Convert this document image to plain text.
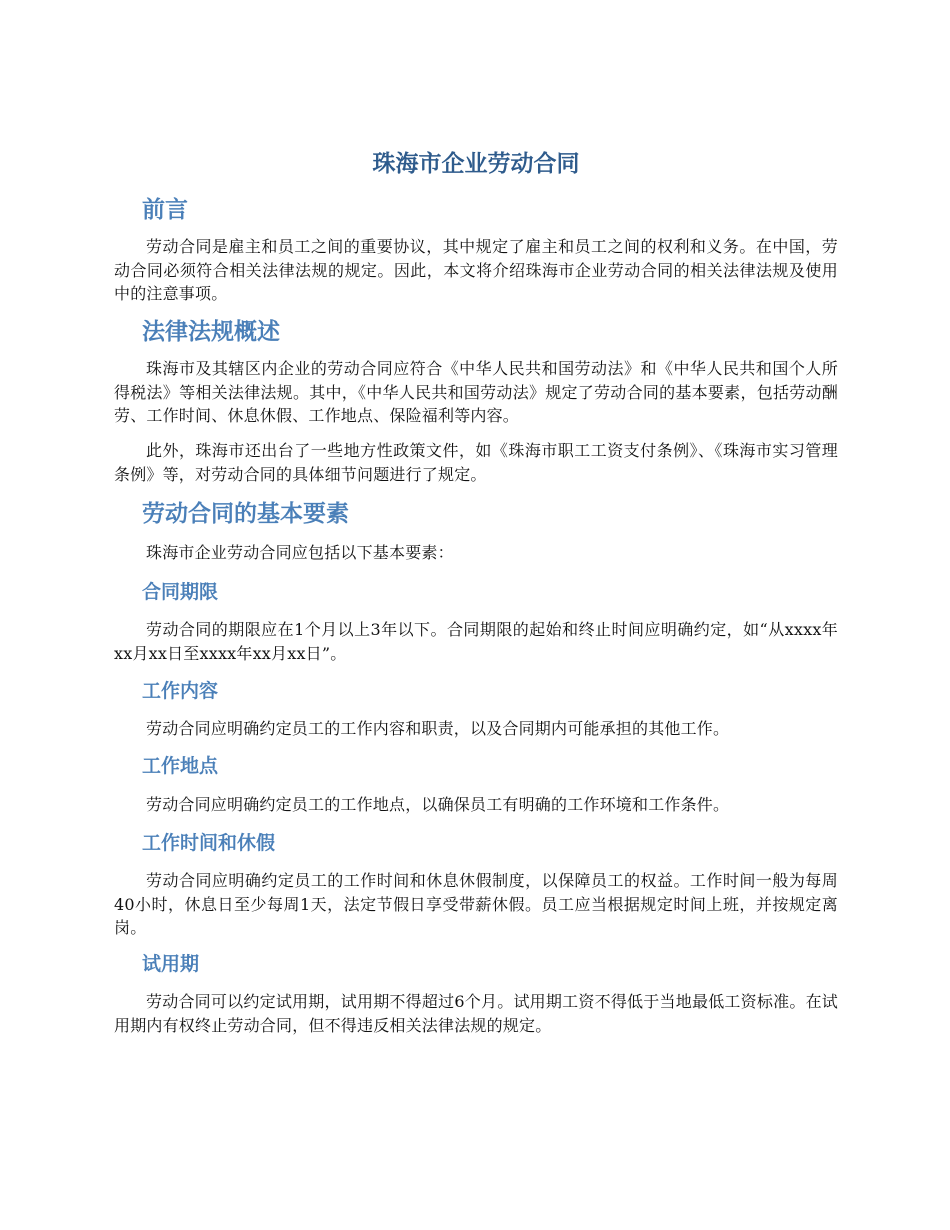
珠海市企业劳动合同
前言
劳动合同是雇主和员工之间的重要协议，其中规定了雇主和员工之间的权利和义务。在中国，劳动合同必须符合相关法律法规的规定。因此，本文将介绍珠海市企业劳动合同的相关法律法规及使用中的注意事项。
法律法规概述
珠海市及其辖区内企业的劳动合同应符合《中华人民共和国劳动法》和《中华人民共和国个人所得税法》等相关法律法规。其中，《中华人民共和国劳动法》规定了劳动合同的基本要素，包括劳动酬劳、工作时间、休息休假、工作地点、保险福利等内容。
此外，珠海市还出台了一些地方性政策文件，如《珠海市职工工资支付条例》、《珠海市实习管理条例》等，对劳动合同的具体细节问题进行了规定。
劳动合同的基本要素
珠海市企业劳动合同应包括以下基本要素：
合同期限
劳动合同的期限应在1个月以上3年以下。合同期限的起始和终止时间应明确约定，如“从xxxx年xx月xx日至xxxx年xx月xx日”。
工作内容
劳动合同应明确约定员工的工作内容和职责，以及合同期内可能承担的其他工作。
工作地点
劳动合同应明确约定员工的工作地点，以确保员工有明确的工作环境和工作条件。
工作时间和休假
劳动合同应明确约定员工的工作时间和休息休假制度，以保障员工的权益。工作时间一般为每周40小时，休息日至少每周1天，法定节假日享受带薪休假。员工应当根据规定时间上班，并按规定离岗。
试用期
劳动合同可以约定试用期，试用期不得超过6个月。试用期工资不得低于当地最低工资标准。在试用期内有权终止劳动合同，但不得违反相关法律法规的规定。
